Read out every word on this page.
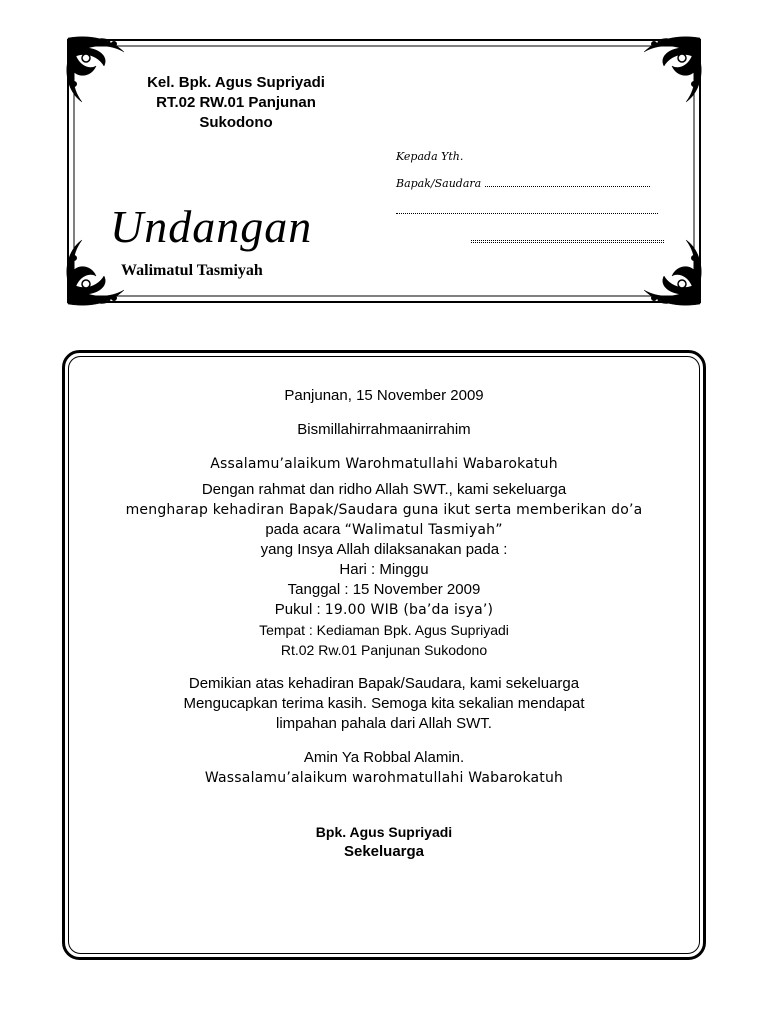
Kel. Bpk. Agus Supriyadi
RT.02 RW.01 Panjunan
Sukodono
Kepada Yth.
Bapak/Saudara
Undangan
Walimatul Tasmiyah

Panjunan, 15 November 2009

Bismillahirrahmaanirrahim

Assalamu’alaikum Warohmatullahi Wabarokatuh

Dengan rahmat dan ridho Allah SWT., kami sekeluarga

mengharap kehadiran Bapak/Saudara guna ikut serta memberikan do’a

pada acara “Walimatul Tasmiyah”

yang Insya Allah dilaksanakan pada :

Hari : Minggu

Tanggal : 15 November 2009

Pukul : 19.00 WIB (ba’da isya’)

Tempat : Kediaman Bpk. Agus Supriyadi

Rt.02 Rw.01 Panjunan Sukodono

Demikian atas kehadiran Bapak/Saudara, kami sekeluarga

Mengucapkan terima kasih. Semoga kita sekalian mendapat

limpahan pahala dari Allah SWT.

Amin Ya Robbal Alamin.

Wassalamu’alaikum warohmatullahi Wabarokatuh

Bpk. Agus Supriyadi

Sekeluarga
